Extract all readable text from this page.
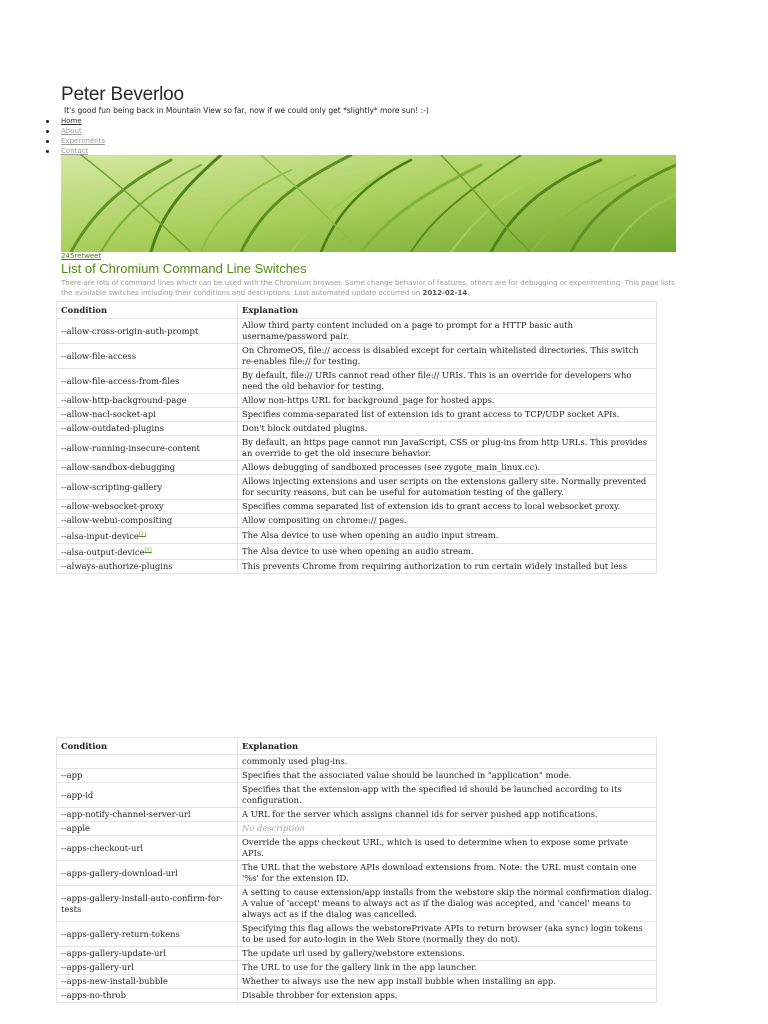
Peter Beverloo
It's good fun being back in Mountain View so far, now if we could only get *slightly* more sun! :-)
Home
About
Experiments
Contact
245retweet
List of Chromium Command Line Switches
There are lots of command lines which can be used with the Chromium browser. Some change behavior of features, others are for debugging or experimenting. This page lists the available switches including their conditions and descriptions. Last automated update occurred on 2012-02-14.
Condition	Explanation
--allow-cross-origin-auth-prompt	Allow third party content included on a page to prompt for a HTTP basic auth username/password pair.
--allow-file-access	On ChromeOS, file:// access is disabled except for certain whitelisted directories. This switch re-enables file:// for testing.
--allow-file-access-from-files	By default, file:// URIs cannot read other file:// URIs. This is an override for developers who need the old behavior for testing.
--allow-http-background-page	Allow non-https URL for background_page for hosted apps.
--allow-nacl-socket-api	Specifies comma-separated list of extension ids to grant access to TCP/UDP socket APIs.
--allow-outdated-plugins	Don't block outdated plugins.
--allow-running-insecure-content	By default, an https page cannot run JavaScript, CSS or plug-ins from http URLs. This provides an override to get the old insecure behavior.
--allow-sandbox-debugging	Allows debugging of sandboxed processes (see zygote_main_linux.cc).
--allow-scripting-gallery	Allows injecting extensions and user scripts on the extensions gallery site. Normally prevented for security reasons, but can be useful for automation testing of the gallery.
--allow-websocket-proxy	Specifies comma separated list of extension ids to grant access to local websocket proxy.
--allow-webui-compositing	Allow compositing on chrome:// pages.
--alsa-input-device[1]	The Alsa device to use when opening an audio input stream.
--alsa-output-device[1]	The Alsa device to use when opening an audio stream.
--always-authorize-plugins	This prevents Chrome from requiring authorization to run certain widely installed but less
Condition	Explanation
	commonly used plug-ins.
--app	Specifies that the associated value should be launched in "application" mode.
--app-id	Specifies that the extension-app with the specified id should be launched according to its configuration.
--app-notify-channel-server-url	A URL for the server which assigns channel ids for server pushed app notifications.
--apple	No description
--apps-checkout-url	Override the apps checkout URL, which is used to determine when to expose some private APIs.
--apps-gallery-download-url	The URL that the webstore APIs download extensions from. Note: the URL must contain one '%s' for the extension ID.
--apps-gallery-install-auto-confirm-for-tests	A setting to cause extension/app installs from the webstore skip the normal confirmation dialog. A value of 'accept' means to always act as if the dialog was accepted, and 'cancel' means to always act as if the dialog was cancelled.
--apps-gallery-return-tokens	Specifying this flag allows the webstorePrivate APIs to return browser (aka sync) login tokens to be used for auto-login in the Web Store (normally they do not).
--apps-gallery-update-url	The update url used by gallery/webstore extensions.
--apps-gallery-url	The URL to use for the gallery link in the app launcher.
--apps-new-install-bubble	Whether to always use the new app install bubble when installing an app.
--apps-no-throb	Disable throbber for extension apps.
